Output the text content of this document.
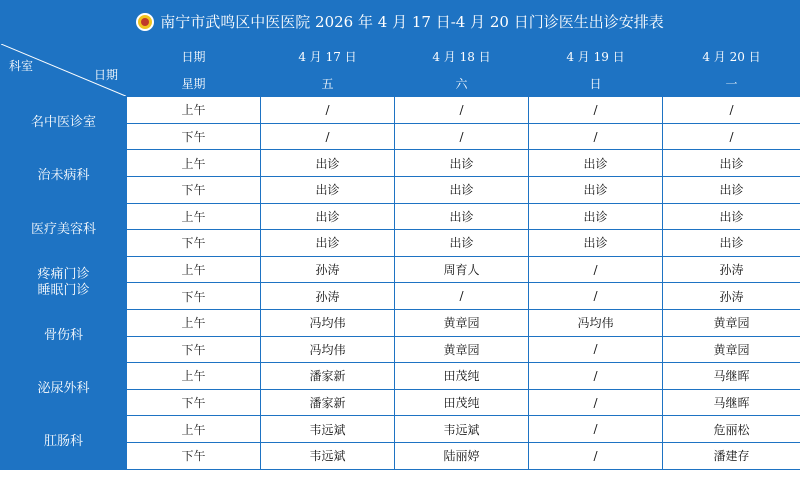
南宁市武鸣区中医医院 2026 年 4 月 17 日-4 月 20 日门诊医生出诊安排表
日期
科室	日期	4 月 17 日	4 月 18 日	4 月 19 日	4 月 20 日
	星期	五	六	日	一
名中医诊室	上午	/	/	/	/
	下午	/	/	/	/
治未病科	上午	出诊	出诊	出诊	出诊
	下午	出诊	出诊	出诊	出诊
医疗美容科	上午	出诊	出诊	出诊	出诊
	下午	出诊	出诊	出诊	出诊
疼痛门诊
睡眠门诊	上午	孙涛	周育人	/	孙涛
	下午	孙涛	/	/	孙涛
骨伤科	上午	冯均伟	黄章园	冯均伟	黄章园
	下午	冯均伟	黄章园	/	黄章园
泌尿外科	上午	潘家新	田茂纯	/	马继晖
	下午	潘家新	田茂纯	/	马继晖
肛肠科	上午	韦远斌	韦远斌	/	危丽松
	下午	韦远斌	陆丽婷	/	潘建存
